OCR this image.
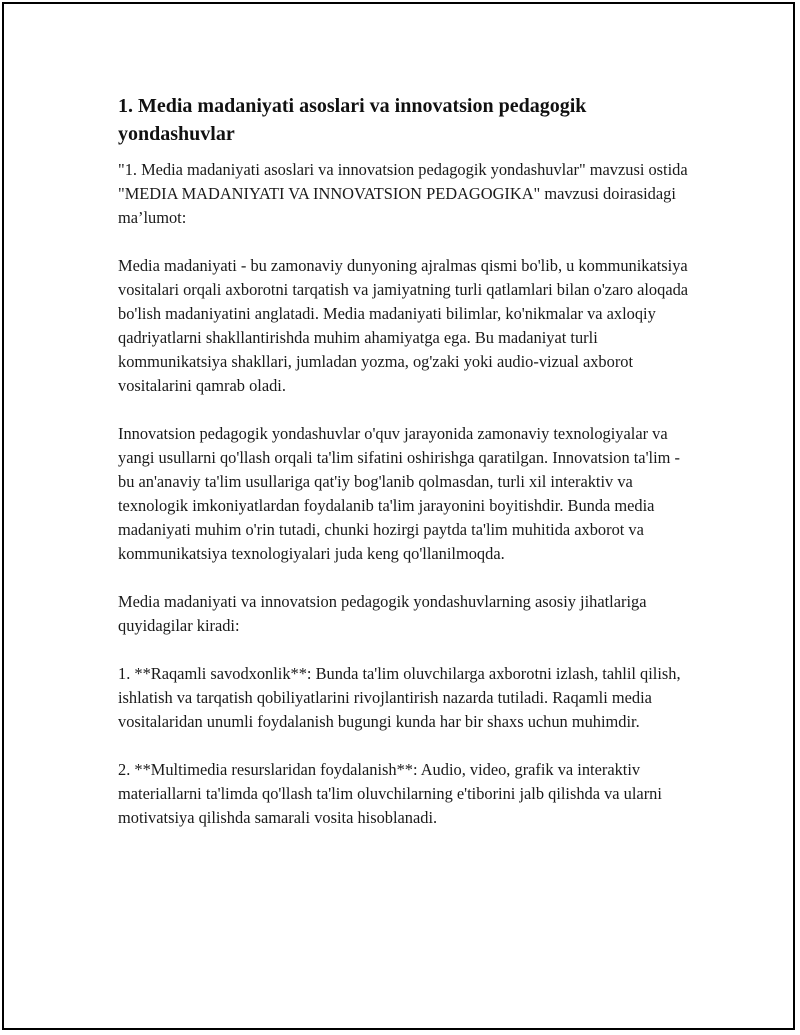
1. Media madaniyati asoslari va innovatsion pedagogik yondashuvlar

"1. Media madaniyati asoslari va innovatsion pedagogik yondashuvlar" mavzusi ostida "MEDIA MADANIYATI VA INNOVATSION PEDAGOGIKA" mavzusi doirasidagi ma’lumot:

Media madaniyati - bu zamonaviy dunyoning ajralmas qismi bo'lib, u kommunikatsiya vositalari orqali axborotni tarqatish va jamiyatning turli qatlamlari bilan o'zaro aloqada bo'lish madaniyatini anglatadi. Media madaniyati bilimlar, ko'nikmalar va axloqiy qadriyatlarni shakllantirishda muhim ahamiyatga ega. Bu madaniyat turli kommunikatsiya shakllari, jumladan yozma, og'zaki yoki audio-vizual axborot vositalarini qamrab oladi.

Innovatsion pedagogik yondashuvlar o'quv jarayonida zamonaviy texnologiyalar va yangi usullarni qo'llash orqali ta'lim sifatini oshirishga qaratilgan. Innovatsion ta'lim - bu an'anaviy ta'lim usullariga qat'iy bog'lanib qolmasdan, turli xil interaktiv va texnologik imkoniyatlardan foydalanib ta'lim jarayonini boyitishdir. Bunda media madaniyati muhim o'rin tutadi, chunki hozirgi paytda ta'lim muhitida axborot va kommunikatsiya texnologiyalari juda keng qo'llanilmoqda.

Media madaniyati va innovatsion pedagogik yondashuvlarning asosiy jihatlariga quyidagilar kiradi:

1. **Raqamli savodxonlik**: Bunda ta'lim oluvchilarga axborotni izlash, tahlil qilish, ishlatish va tarqatish qobiliyatlarini rivojlantirish nazarda tutiladi. Raqamli media vositalaridan unumli foydalanish bugungi kunda har bir shaxs uchun muhimdir.

2. **Multimedia resurslaridan foydalanish**: Audio, video, grafik va interaktiv materiallarni ta'limda qo'llash ta'lim oluvchilarning e'tiborini jalb qilishda va ularni motivatsiya qilishda samarali vosita hisoblanadi.
